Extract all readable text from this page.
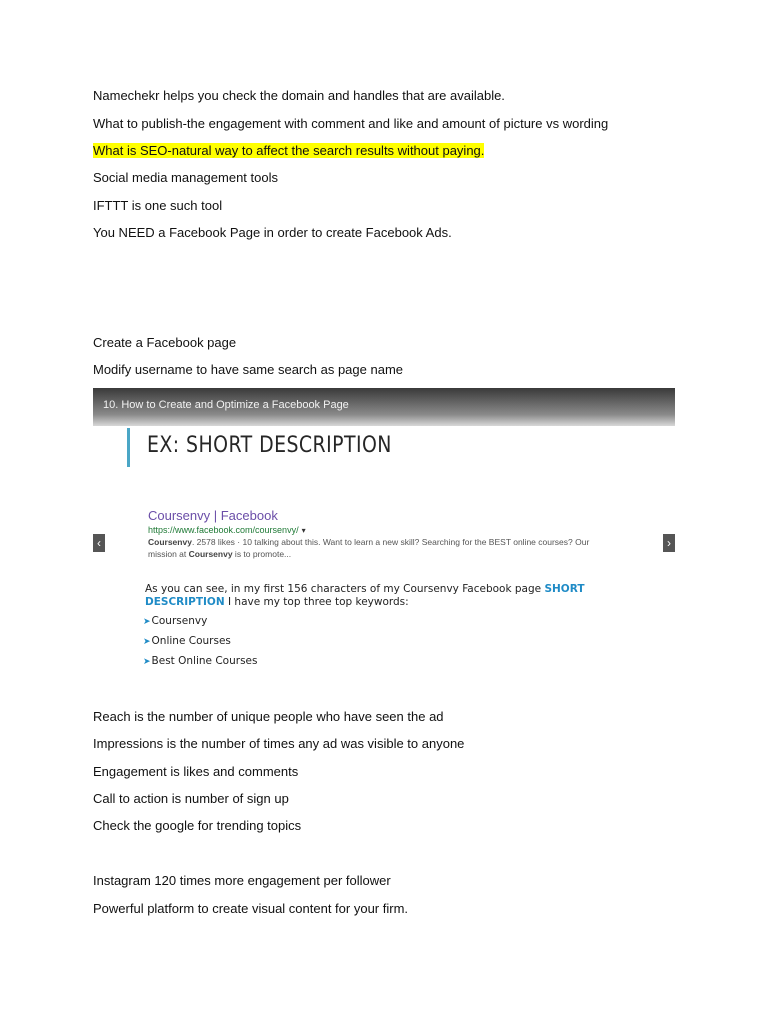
Namechekr helps you check the domain and handles that are available.
What to publish-the engagement with comment and like and amount of picture vs wording
What is SEO-natural way to affect the search results without paying.
Social media management tools
IFTTT is one such tool
You NEED a Facebook Page in order to create Facebook Ads.
Create a Facebook page
Modify username to have same search as page name
10. How to Create and Optimize a Facebook Page
EX: SHORT DESCRIPTION
Coursenvy | Facebook
https://www.facebook.com/coursenvy/ ▾
Coursenvy. 2578 likes · 10 talking about this. Want to learn a new skill? Searching for the BEST online courses? Our mission at Coursenvy is to promote...
As you can see, in my first 156 characters of my Coursenvy Facebook page SHORT DESCRIPTION I have my top three top keywords:
➤Coursenvy
➤Online Courses
➤Best Online Courses
‹	›
Reach is the number of unique people who have seen the ad
Impressions is the number of times any ad was visible to anyone
Engagement is likes and comments
Call to action is number of sign up
Check the google for trending topics
Instagram 120 times more engagement per follower
Powerful platform to create visual content for your firm.
